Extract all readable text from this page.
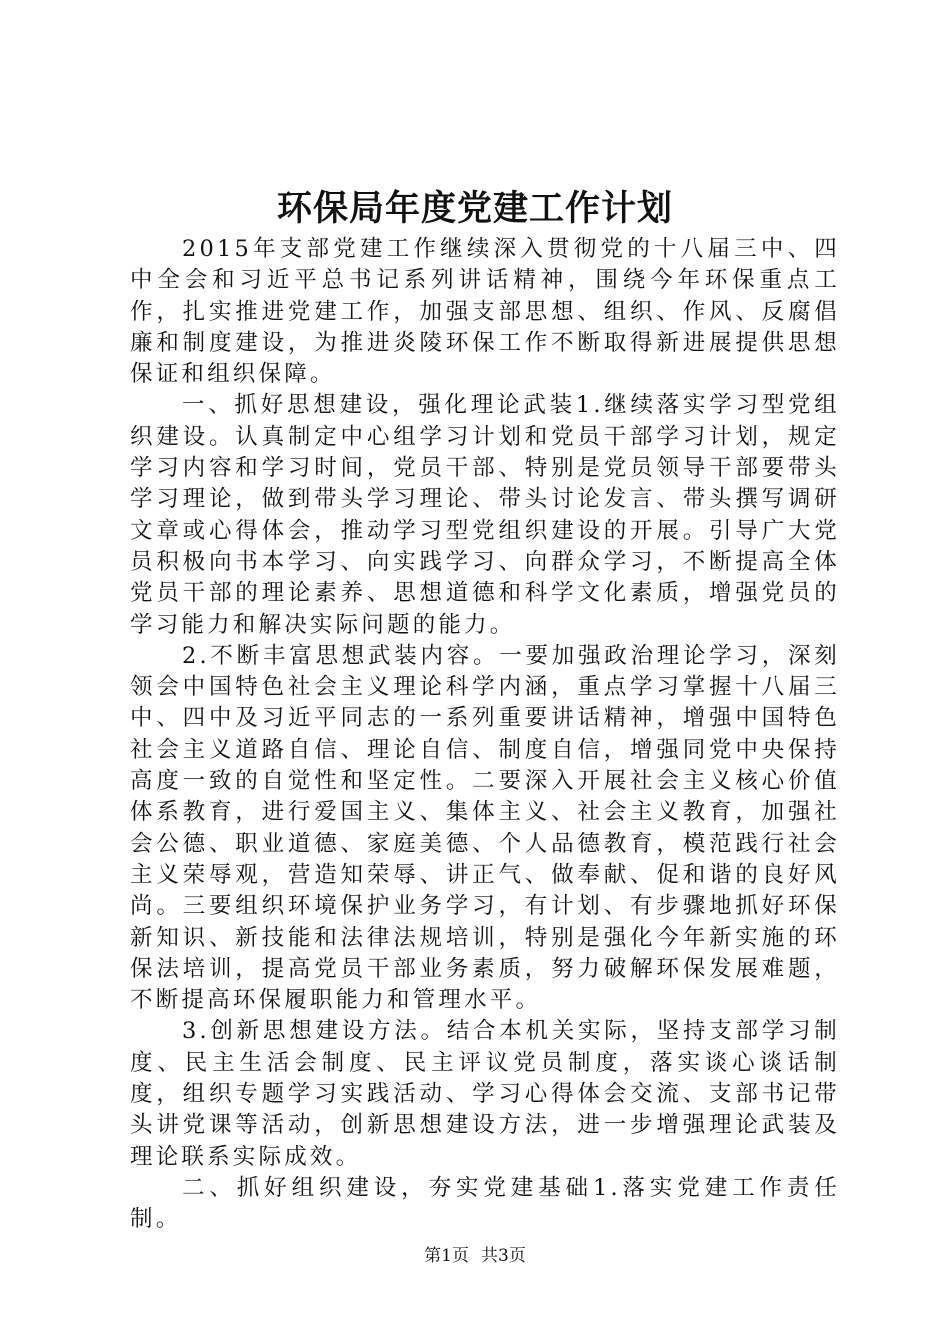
环保局年度党建工作计划

2015年支部党建工作继续深入贯彻党的十八届三中、四中全会和习近平总书记系列讲话精神，围绕今年环保重点工作，扎实推进党建工作，加强支部思想、组织、作风、反腐倡廉和制度建设，为推进炎陵环保工作不断取得新进展提供思想保证和组织保障。

一、抓好思想建设，强化理论武装1.继续落实学习型党组织建设。认真制定中心组学习计划和党员干部学习计划，规定学习内容和学习时间，党员干部、特别是党员领导干部要带头学习理论，做到带头学习理论、带头讨论发言、带头撰写调研文章或心得体会，推动学习型党组织建设的开展。引导广大党员积极向书本学习、向实践学习、向群众学习，不断提高全体党员干部的理论素养、思想道德和科学文化素质，增强党员的学习能力和解决实际问题的能力。

2.不断丰富思想武装内容。一要加强政治理论学习，深刻领会中国特色社会主义理论科学内涵，重点学习掌握十八届三中、四中及习近平同志的一系列重要讲话精神，增强中国特色社会主义道路自信、理论自信、制度自信，增强同党中央保持高度一致的自觉性和坚定性。二要深入开展社会主义核心价值体系教育，进行爱国主义、集体主义、社会主义教育，加强社会公德、职业道德、家庭美德、个人品德教育，模范践行社会主义荣辱观，营造知荣辱、讲正气、做奉献、促和谐的良好风尚。三要组织环境保护业务学习，有计划、有步骤地抓好环保新知识、新技能和法律法规培训，特别是强化今年新实施的环保法培训，提高党员干部业务素质，努力破解环保发展难题，不断提高环保履职能力和管理水平。

3.创新思想建设方法。结合本机关实际，坚持支部学习制度、民主生活会制度、民主评议党员制度，落实谈心谈话制度，组织专题学习实践活动、学习心得体会交流、支部书记带头讲党课等活动，创新思想建设方法，进一步增强理论武装及理论联系实际成效。

二、抓好组织建设，夯实党建基础1.落实党建工作责任制。

第1页 共3页
